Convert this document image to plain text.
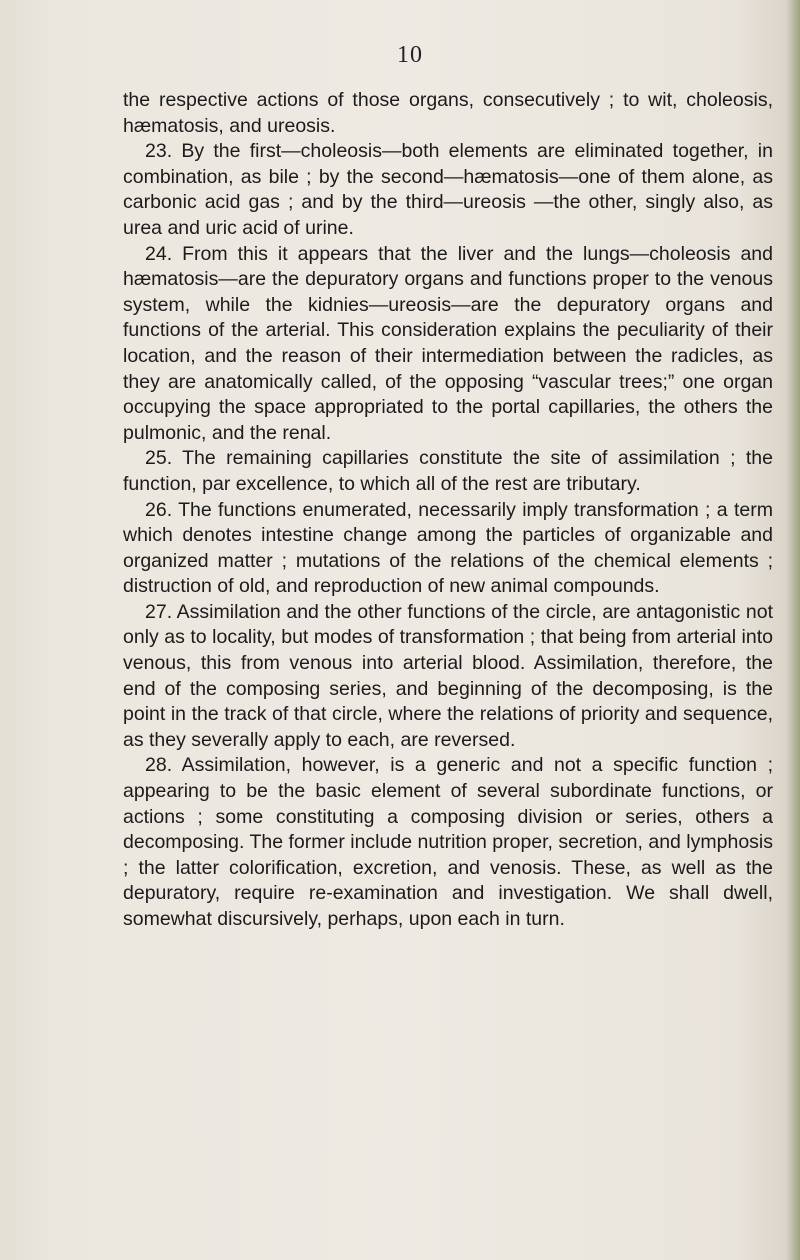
10

the respective actions of those organs, consecutively ; to wit, choleosis, hæmatosis, and ureosis.

23. By the first—choleosis—both elements are eliminated together, in combination, as bile ; by the second—hæmatosis—one of them alone, as carbonic acid gas ; and by the third—ureosis —the other, singly also, as urea and uric acid of urine.

24. From this it appears that the liver and the lungs—choleosis and hæmatosis—are the depuratory organs and functions proper to the venous system, while the kidnies—ureosis—are the depuratory organs and functions of the arterial. This consideration explains the peculiarity of their location, and the reason of their intermediation between the radicles, as they are anatomically called, of the opposing “vascular trees;” one organ occupying the space appropriated to the portal capillaries, the others the pulmonic, and the renal.

25. The remaining capillaries constitute the site of assimilation ; the function, par excellence, to which all of the rest are tributary.

26. The functions enumerated, necessarily imply transformation ; a term which denotes intestine change among the particles of organizable and organized matter ; mutations of the relations of the chemical elements ; distruction of old, and reproduction of new animal compounds.

27. Assimilation and the other functions of the circle, are antagonistic not only as to locality, but modes of transformation ; that being from arterial into venous, this from venous into arterial blood. Assimilation, therefore, the end of the composing series, and beginning of the decomposing, is the point in the track of that circle, where the relations of priority and sequence, as they severally apply to each, are reversed.

28. Assimilation, however, is a generic and not a specific function ; appearing to be the basic element of several subordinate functions, or actions ; some constituting a composing division or series, others a decomposing. The former include nutrition proper, secretion, and lymphosis ; the latter colorification, excretion, and venosis. These, as well as the depuratory, require re-examination and investigation. We shall dwell, somewhat discursively, perhaps, upon each in turn.
